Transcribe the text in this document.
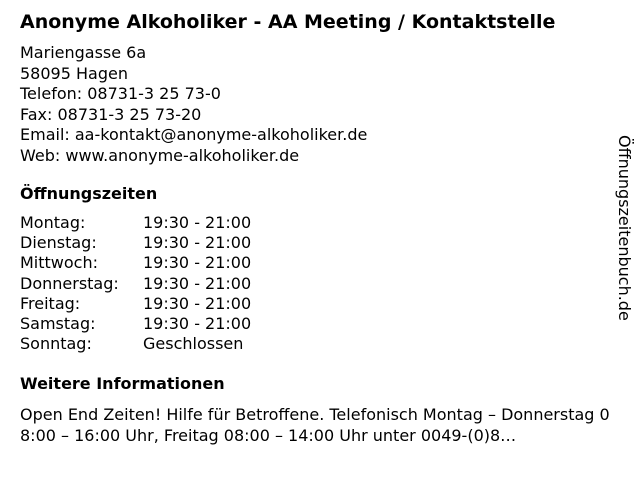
Anonyme Alkoholiker - AA Meeting / Kontaktstelle
Mariengasse 6a
58095 Hagen
Telefon: 08731-3 25 73-0
Fax: 08731-3 25 73-20
Email: aa-kontakt@anonyme-alkoholiker.de
Web: www.anonyme-alkoholiker.de
Öffnungszeiten
Montag:	19:30 - 21:00
Dienstag:	19:30 - 21:00
Mittwoch:	19:30 - 21:00
Donnerstag:	19:30 - 21:00
Freitag:	19:30 - 21:00
Samstag:	19:30 - 21:00
Sonntag:	Geschlossen
Weitere Informationen
Open End Zeiten! Hilfe für Betroffene. Telefonisch Montag – Donnerstag 08:00 – 16:00 Uhr, Freitag 08:00 – 14:00 Uhr unter 0049-(0)8…
Öffnungszeitenbuch.de
